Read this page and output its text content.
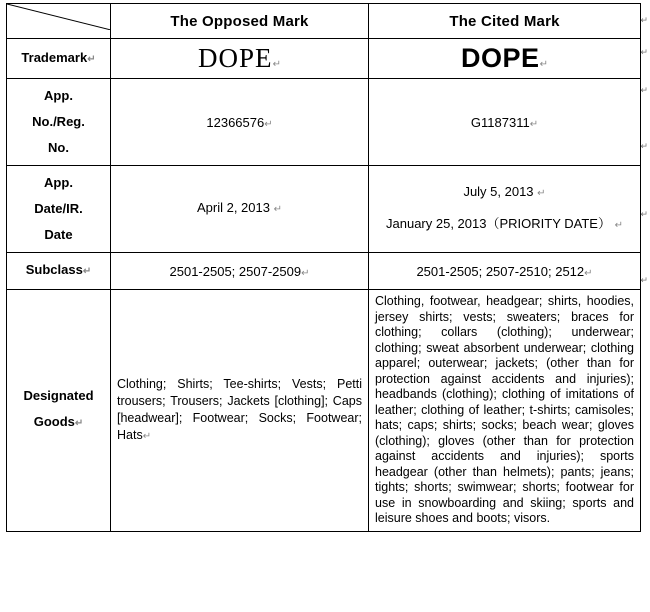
	The Opposed Mark	The Cited Mark
Trademark↵	DOPE↵	DOPE↵

App.
No./Reg.
No.	12366576↵	G1187311↵

App.
Date/IR.
Date	April 2, 2013 ↵	July 5, 2013 ↵
January 25, 2013（PRIORITY DATE） ↵

Subclass↵	2501-2505; 2507-2509↵	2501-2505; 2507-2510; 2512↵

Designated
Goods↵	Clothing; Shirts; Tee-shirts; Vests; Petti trousers; Trousers; Jackets [clothing]; Caps [headwear]; Footwear; Socks; Footwear; Hats↵	Clothing, footwear, headgear; shirts, hoodies, jersey shirts; vests; sweaters; braces for clothing; collars (clothing); underwear; clothing; sweat absorbent underwear; clothing apparel; outerwear; jackets; (other than for protection against accidents and injuries); headbands (clothing); clothing of imitations of leather; clothing of leather; t-shirts; camisoles; hats; caps; shirts; socks; beach wear; gloves (clothing); gloves (other than for protection against accidents and injuries); sports headgear (other than helmets); pants; jeans; tights; shorts; swimwear; shorts; footwear for use in snowboarding and skiing; sports and leisure shoes and boots; visors.
↵
↵
↵
↵
↵
↵
